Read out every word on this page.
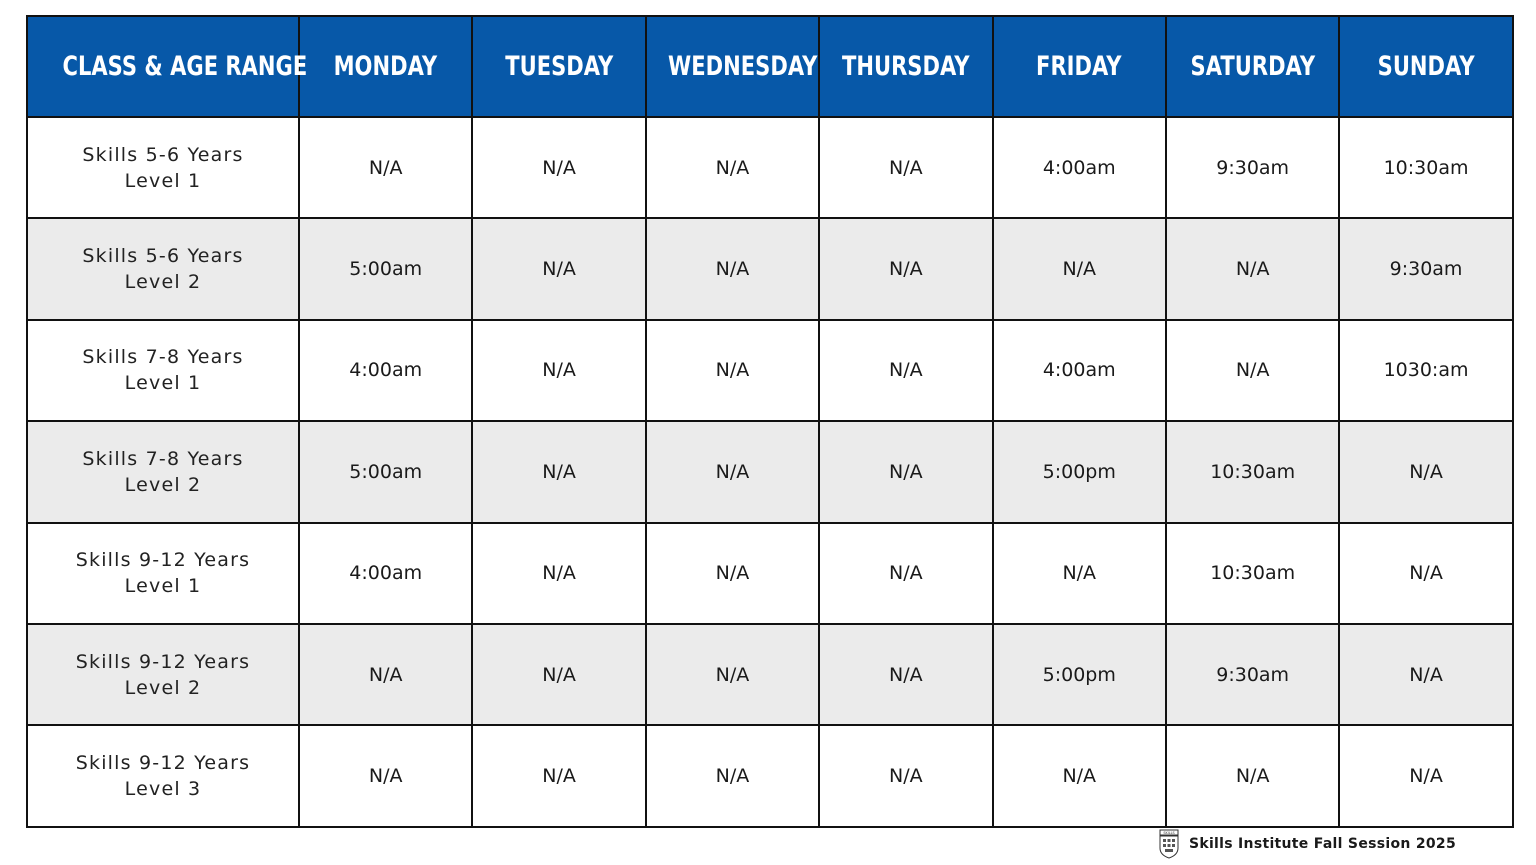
CLASS & AGE RANGE	MONDAY	TUESDAY	WEDNESDAY	THURSDAY	FRIDAY	SATURDAY	SUNDAY

Skills 5-6 Years
Level 1	N/A	N/A	N/A	N/A	4:00am	9:30am	10:30am

Skills 5-6 Years
Level 2	5:00am	N/A	N/A	N/A	N/A	N/A	9:30am

Skills 7-8 Years
Level 1	4:00am	N/A	N/A	N/A	4:00am	N/A	1030:am

Skills 7-8 Years
Level 2	5:00am	N/A	N/A	N/A	5:00pm	10:30am	N/A

Skills 9-12 Years
Level 1	4:00am	N/A	N/A	N/A	N/A	10:30am	N/A

Skills 9-12 Years
Level 2	N/A	N/A	N/A	N/A	5:00pm	9:30am	N/A

Skills 9-12 Years
Level 3	N/A	N/A	N/A	N/A	N/A	N/A	N/A
SKILLS
Skills Institute Fall Session 2025
